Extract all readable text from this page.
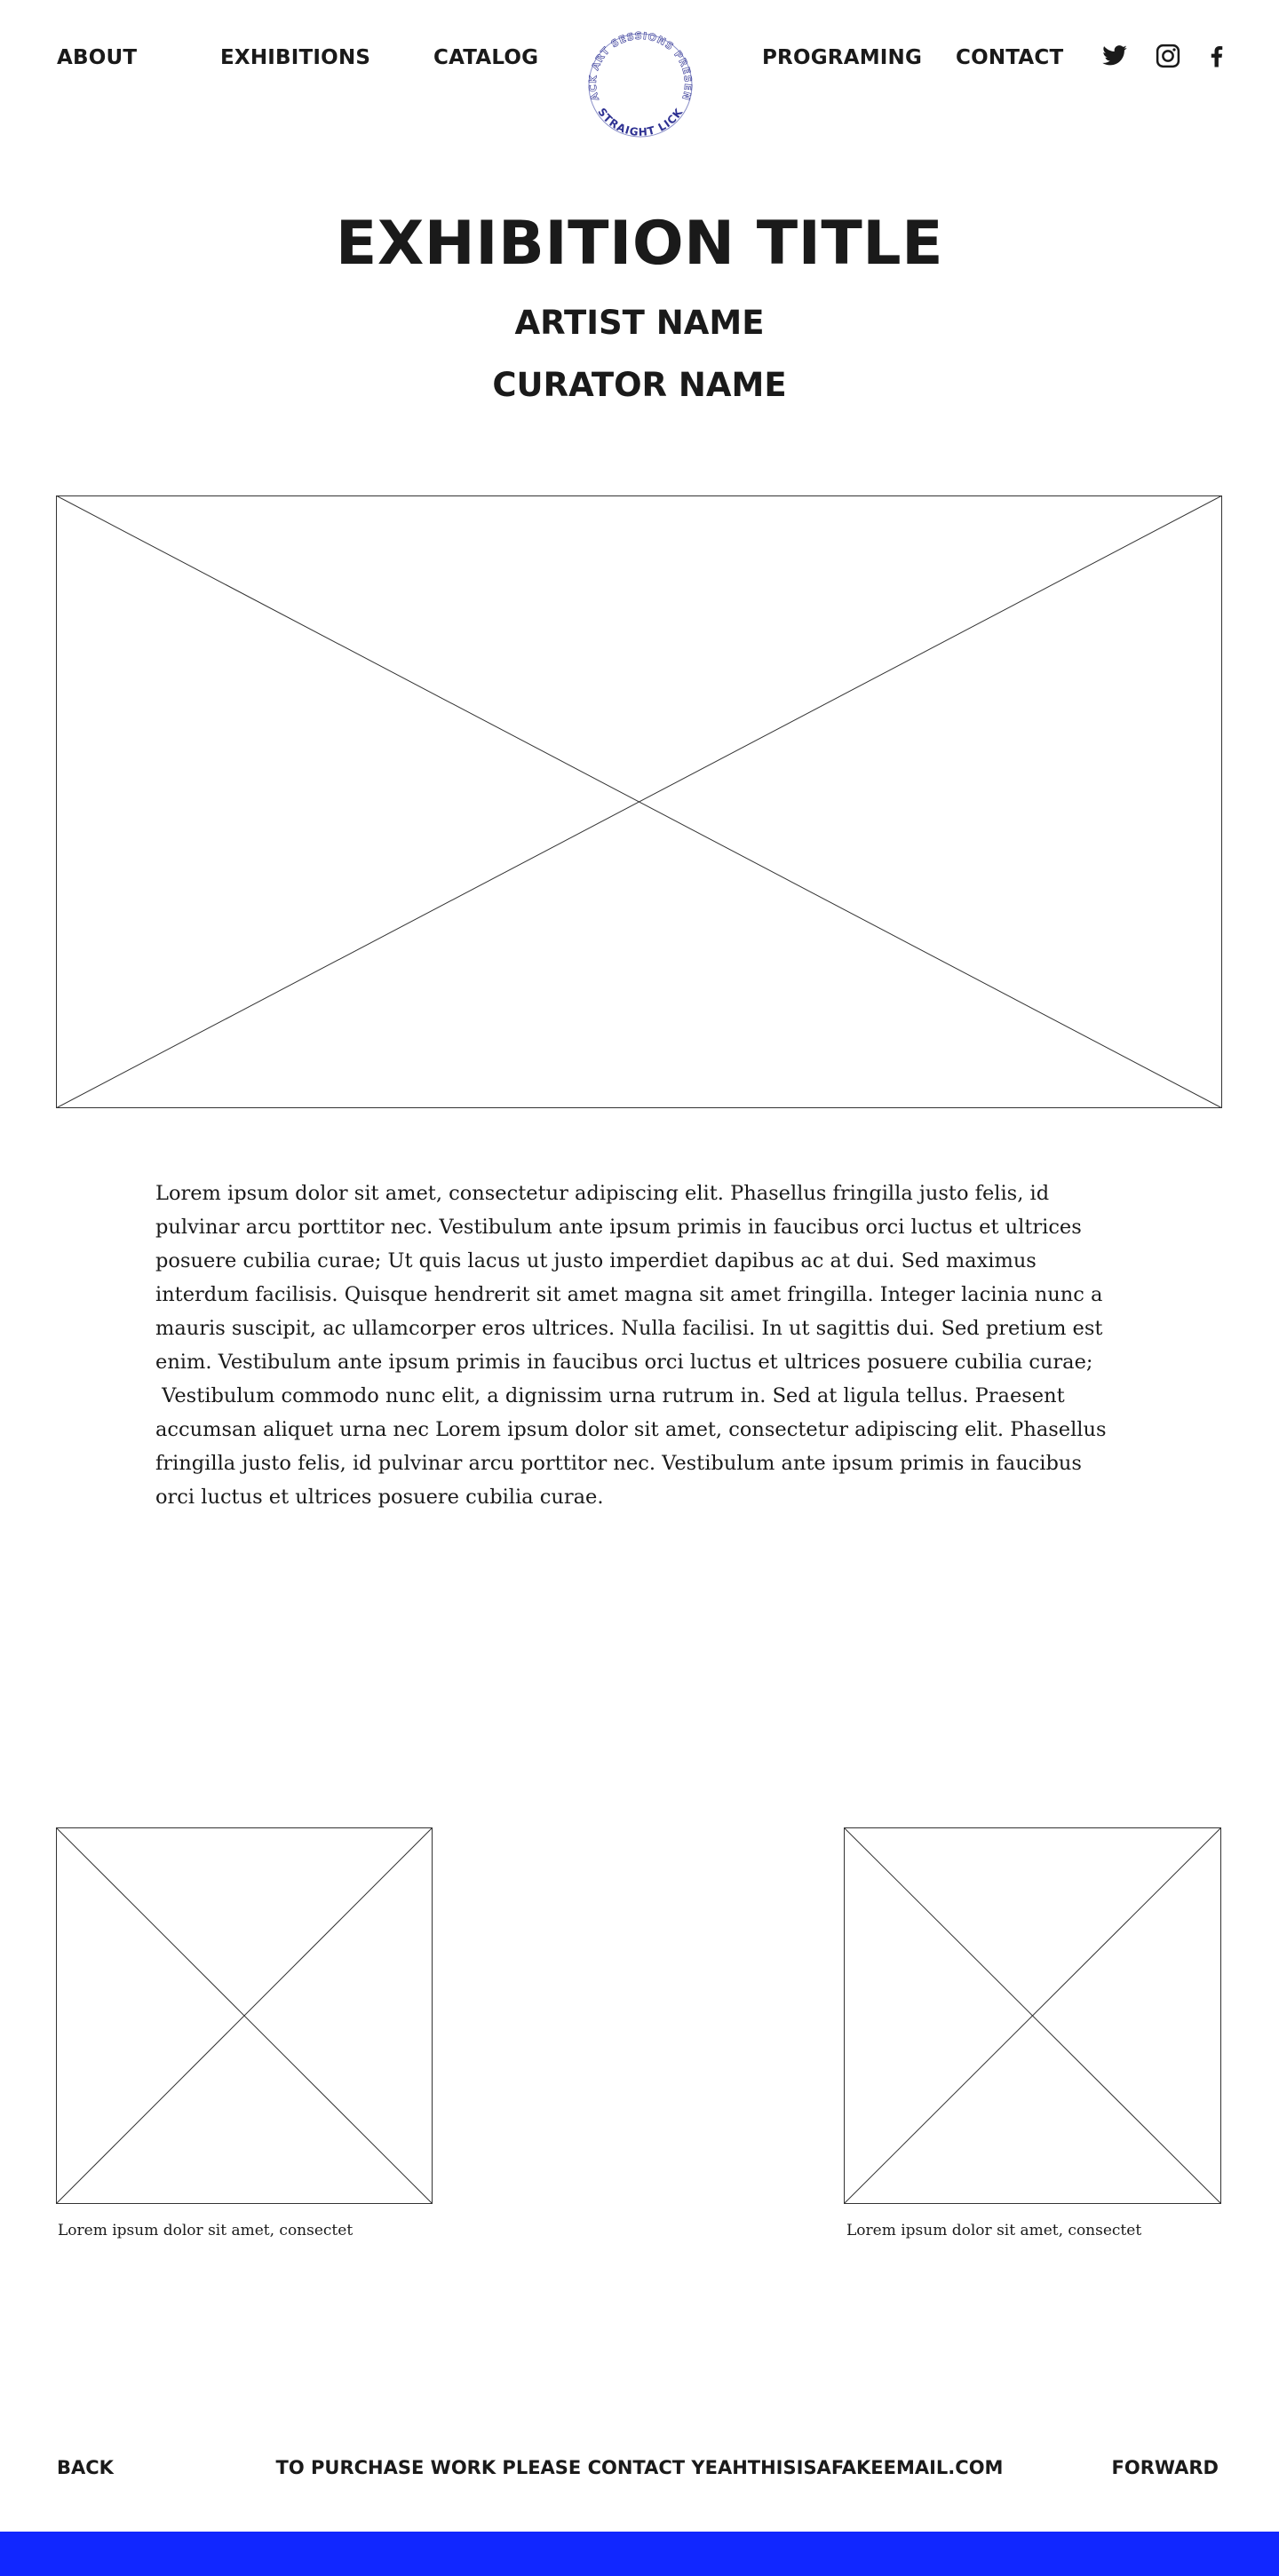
ABOUT	EXHIBITIONS	CATALOG
ACK ART SESSIONS PRESEN
STRAIGHT LICK
PROGRAMING CONTACT
EXHIBITION TITLE
ARTIST NAME
CURATOR NAME

Lorem ipsum dolor sit amet, consectetur adipiscing elit. Phasellus fringilla justo felis, id pulvinar arcu porttitor nec. Vestibulum ante ipsum primis in faucibus orci luctus et ultrices posuere cubilia curae; Ut quis lacus ut justo imperdiet dapibus ac at dui. Sed maximus interdum facilisis. Quisque hendrerit sit amet magna sit amet fringilla. Integer lacinia nunc a mauris suscipit, ac ullamcorper eros ultrices. Nulla facilisi. In ut sagittis dui. Sed pretium est enim. Vestibulum ante ipsum primis in faucibus orci luctus et ultrices posuere cubilia curae;

Vestibulum commodo nunc elit, a dignissim urna rutrum in. Sed at ligula tellus. Praesent accumsan aliquet urna nec Lorem ipsum dolor sit amet, consectetur adipiscing elit. Phasellus fringilla justo felis, id pulvinar arcu porttitor nec. Vestibulum ante ipsum primis in faucibus orci luctus et ultrices posuere cubilia curae.

Lorem ipsum dolor sit amet, consectet	Lorem ipsum dolor sit amet, consectet
BACK	TO PURCHASE WORK PLEASE CONTACT YEAHTHISISAFAKEEMAIL.COM	FORWARD
